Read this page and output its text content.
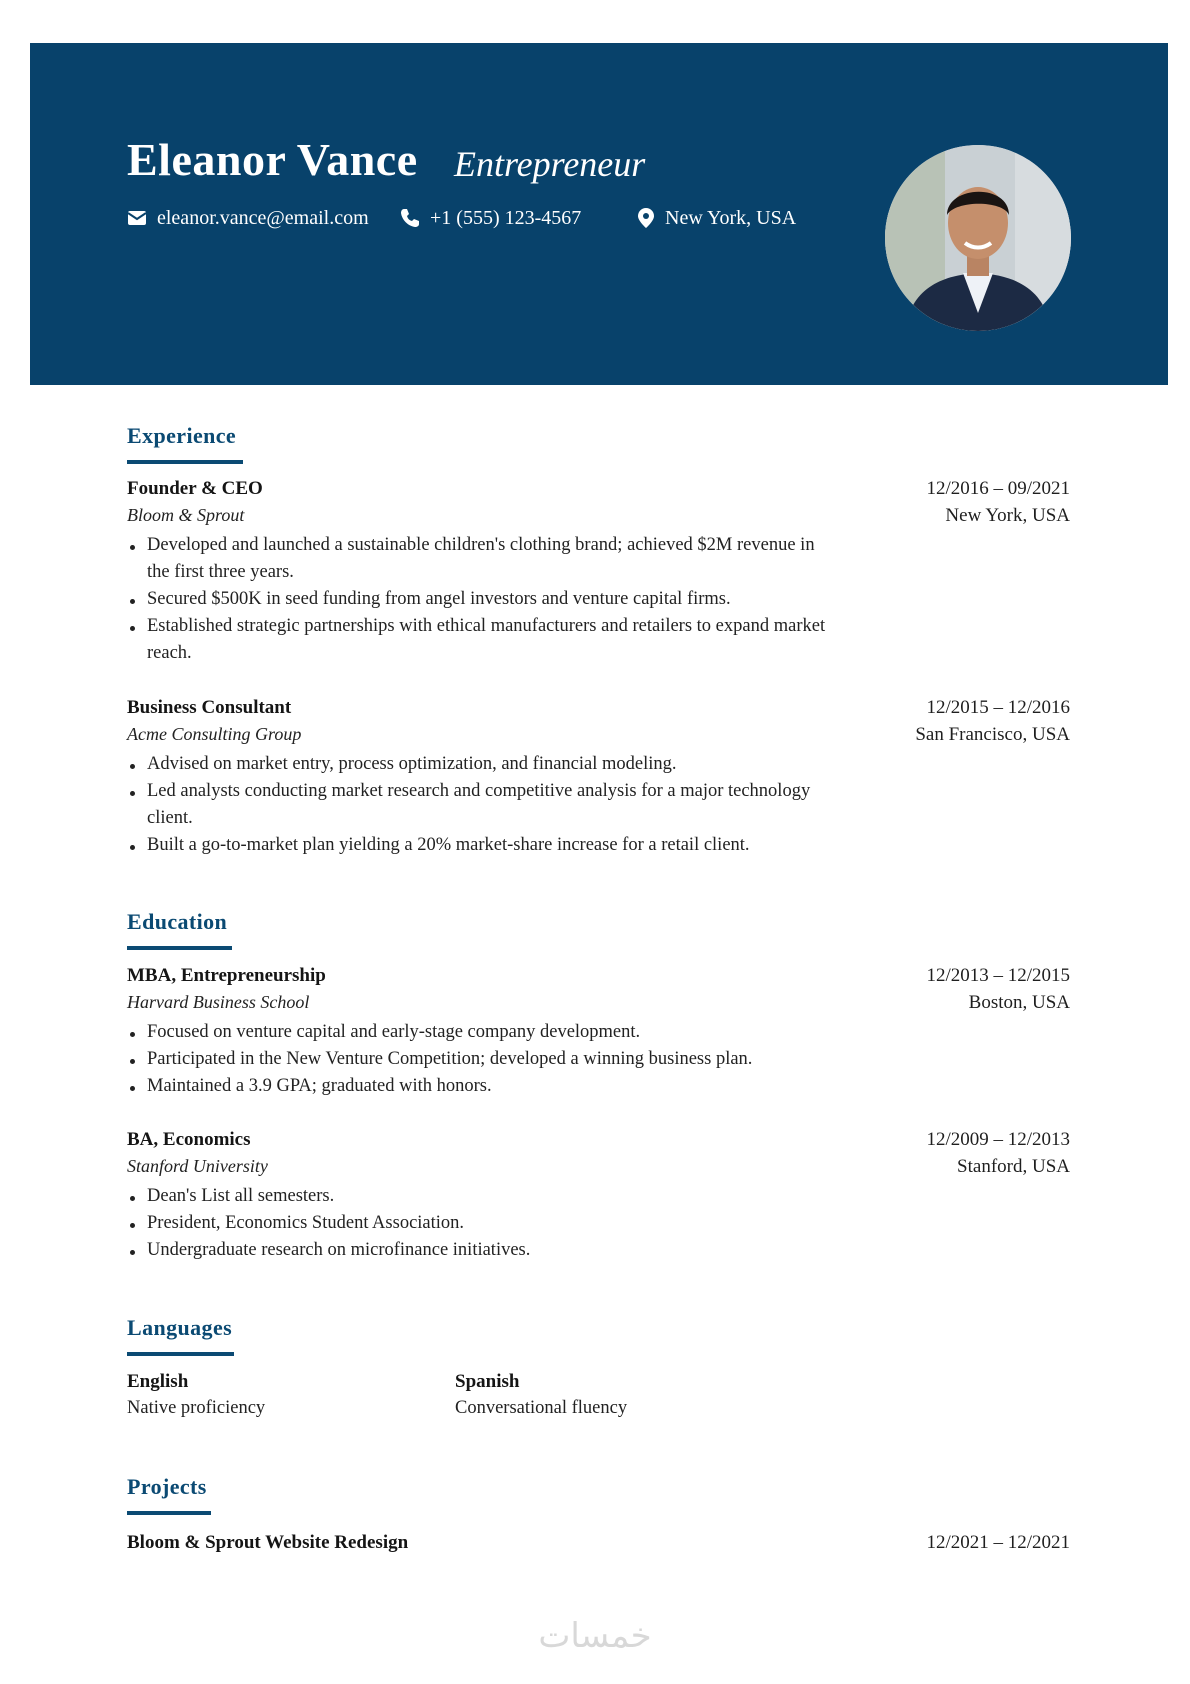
Eleanor Vance Entrepreneur
eleanor.vance@email.com	+1 (555) 123-4567	New York, USA
Experience
Founder & CEO	12/2016 – 09/2021
Bloom & Sprout	New York, USA
Developed and launched a sustainable children's clothing brand; achieved $2M revenue in the first three years.
Secured $500K in seed funding from angel investors and venture capital firms.
Established strategic partnerships with ethical manufacturers and retailers to expand market reach.
Business Consultant	12/2015 – 12/2016
Acme Consulting Group	San Francisco, USA
Advised on market entry, process optimization, and financial modeling.
Led analysts conducting market research and competitive analysis for a major technology client.
Built a go-to-market plan yielding a 20% market-share increase for a retail client.
Education
MBA, Entrepreneurship	12/2013 – 12/2015
Harvard Business School	Boston, USA
Focused on venture capital and early-stage company development.
Participated in the New Venture Competition; developed a winning business plan.
Maintained a 3.9 GPA; graduated with honors.
BA, Economics	12/2009 – 12/2013
Stanford University	Stanford, USA
Dean's List all semesters.
President, Economics Student Association.
Undergraduate research on microfinance initiatives.
Languages
English
Native proficiency
Spanish
Conversational fluency
Projects
Bloom & Sprout Website Redesign	12/2021 – 12/2021
خمسات
